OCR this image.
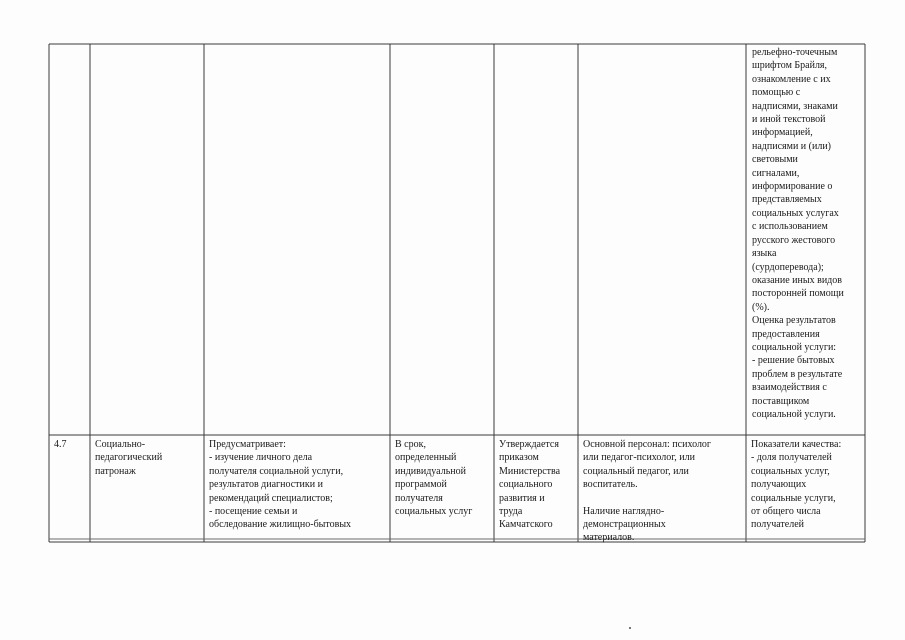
рельефно-точечным
шрифтом Брайля,
ознакомление с их
помощью с
надписями, знаками
и иной текстовой
информацией,
надписями и (или)
световыми
сигналами,
информирование о
представляемых
социальных услугах
с использованием
русского жестового
языка
(сурдоперевода);
оказание иных видов
посторонней помощи
(%).
Оценка результатов
предоставления
социальной услуги:
- решение бытовых
проблем в результате
взаимодействия с
поставщиком
социальной услуги.
4.7	Социально-
педагогический
патронаж
Предусматривает:
- изучение личного дела
получателя социальной услуги,
результатов диагностики и
рекомендаций специалистов;
- посещение семьи и
обследование жилищно-бытовых
В срок,
определенный
индивидуальной
программой
получателя
социальных услуг
Утверждается
приказом
Министерства
социального
развития и
труда
Камчатского
Основной персонал: психолог
или педагог-психолог, или
социальный педагог, или
воспитатель.
Наличие наглядно-
демонстрационных
материалов.
Показатели качества:
- доля получателей
социальных услуг,
получающих
социальные услуги,
от общего числа
получателей
